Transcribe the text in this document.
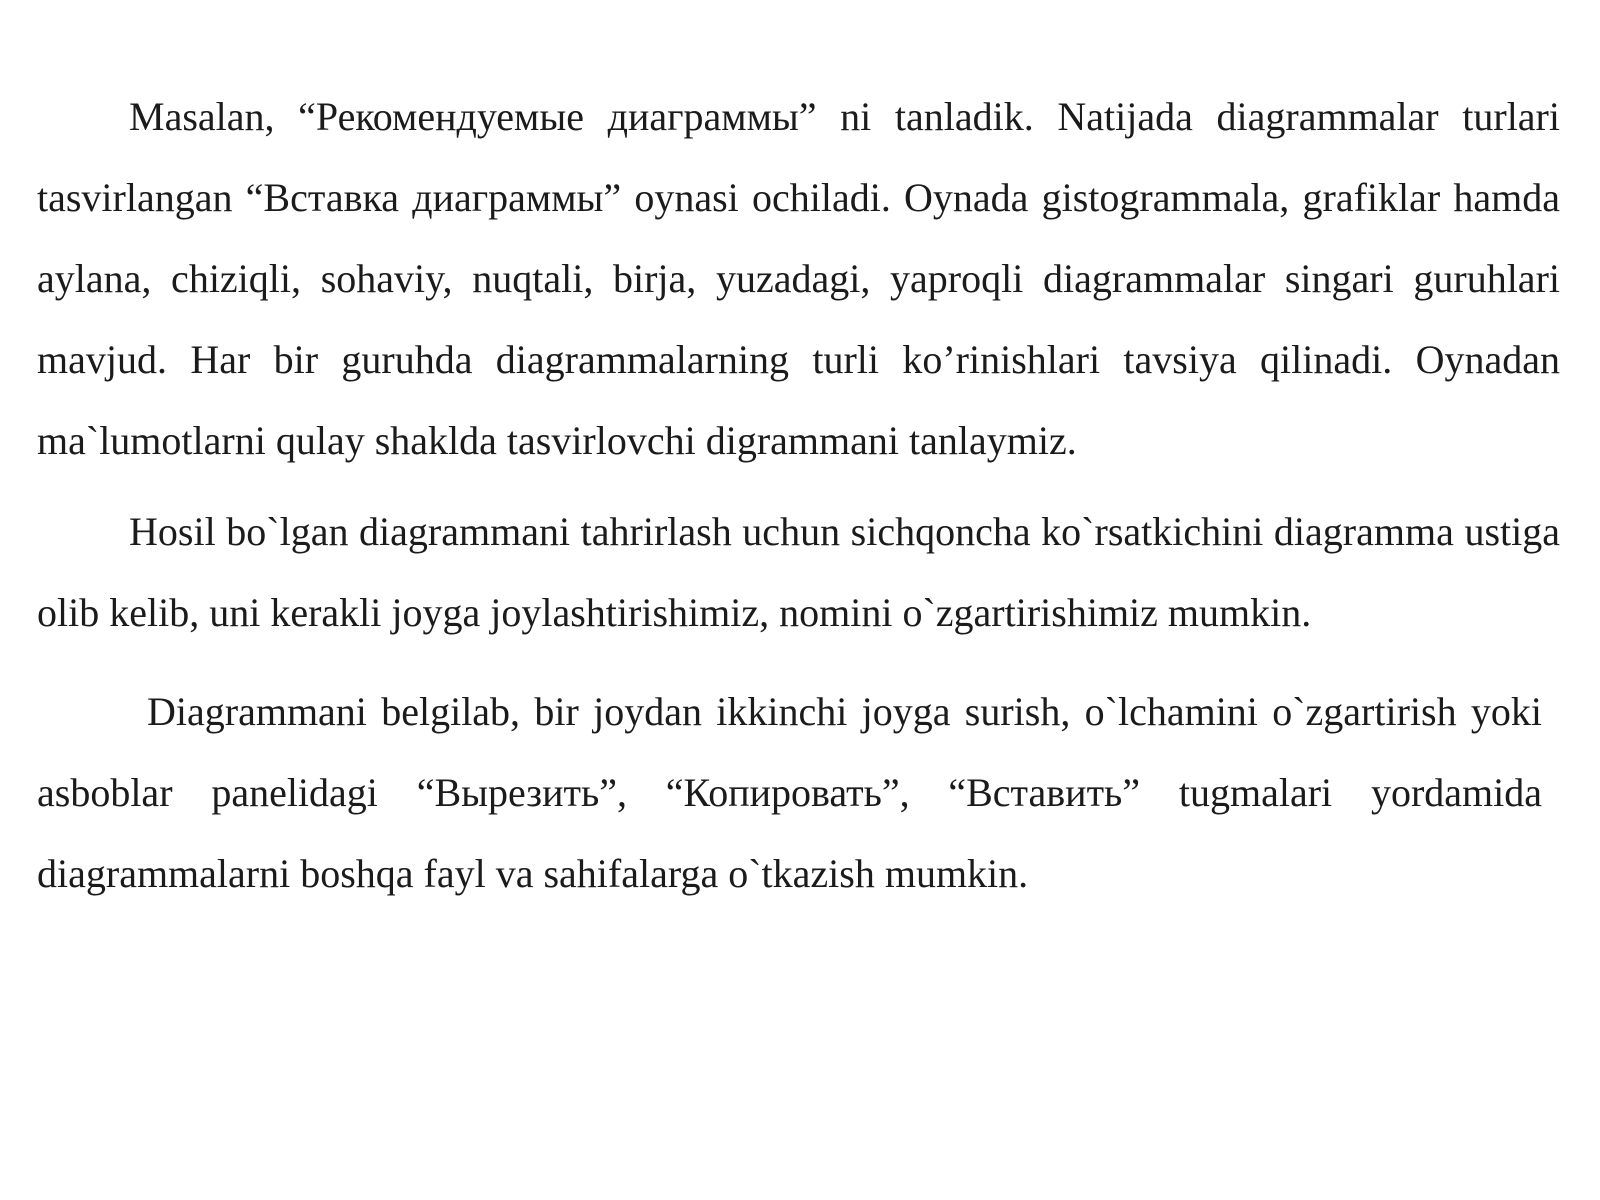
Masalan, “Рекомендуемые диаграммы” ni tanladik. Natijada diagrammalar turlari tasvirlangan “Вставка диаграммы” oynasi ochiladi. Oynada gistogrammala, grafiklar hamda aylana, chiziqli, sohaviy, nuqtali, birja, yuzadagi, yaproqli diagrammalar singari guruhlari mavjud. Har bir guruhda diagrammalarning turli ko’rinishlari tavsiya qilinadi. Oynadan ma`lumotlarni qulay shaklda tasvirlovchi digrammani tanlaymiz.

Hosil bo`lgan diagrammani tahrirlash uchun sichqoncha ko`rsatkichini diagramma ustiga olib kelib, uni kerakli joyga joylashtirishimiz, nomini o`zgartirishimiz mumkin.

Diagrammani belgilab, bir joydan ikkinchi joyga surish, o`lchamini o`zgartirish yoki asboblar panelidagi “Вырезить”, “Копировать”, “Вставить” tugmalari yordamida diagrammalarni boshqa fayl va sahifalarga o`tkazish mumkin.
